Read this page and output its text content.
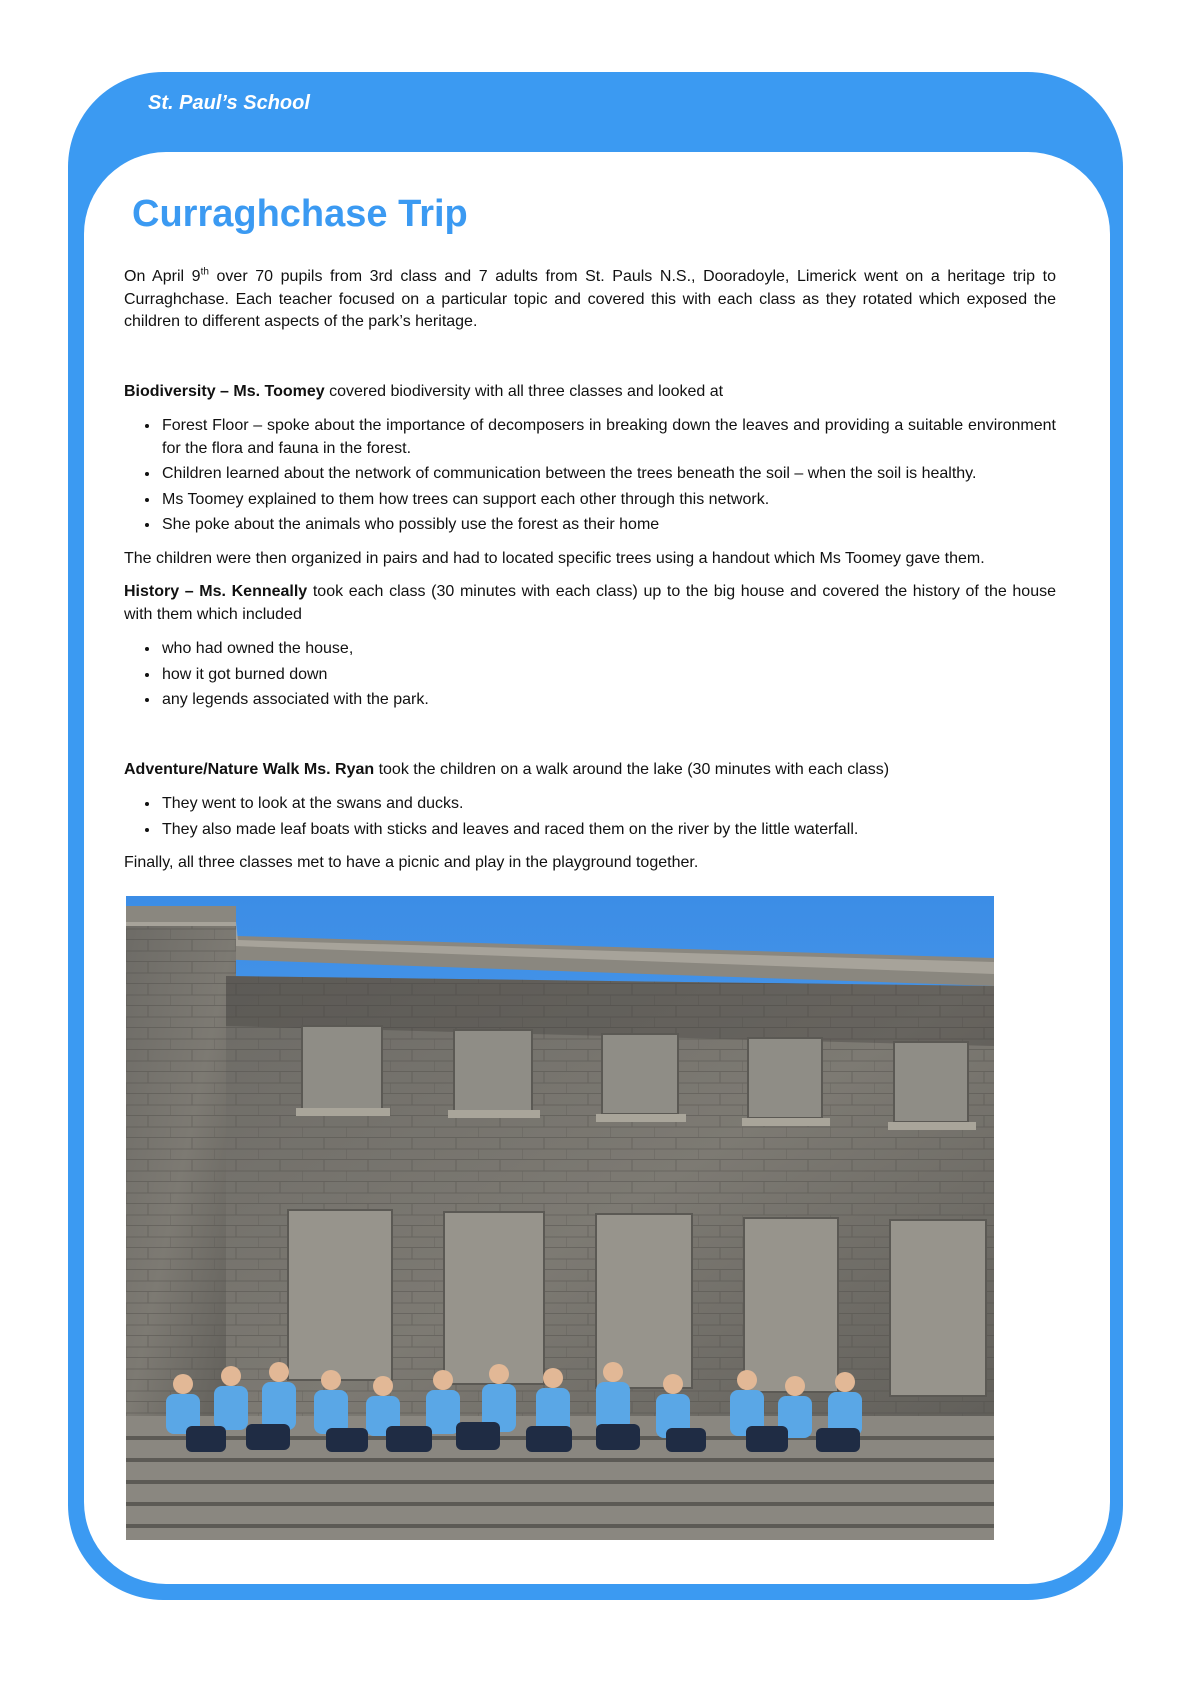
St. Paul’s School
Curraghchase Trip

On April 9th over 70 pupils from 3rd class and 7 adults from St. Pauls N.S., Dooradoyle, Limerick went on a heritage trip to Curraghchase. Each teacher focused on a particular topic and covered this with each class as they rotated which exposed the children to different aspects of the park’s heritage.

Biodiversity – Ms. Toomey covered biodiversity with all three classes and looked at

• Forest Floor – spoke about the importance of decomposers in breaking down the leaves and providing a suitable environment for the flora and fauna in the forest.
• Children learned about the network of communication between the trees beneath the soil – when the soil is healthy.
• Ms Toomey explained to them how trees can support each other through this network.
• She poke about the animals who possibly use the forest as their home

The children were then organized in pairs and had to located specific trees using a handout which Ms Toomey gave them.

History – Ms. Kenneally took each class (30 minutes with each class) up to the big house and covered the history of the house with them which included

• who had owned the house,
• how it got burned down
• any legends associated with the park.

Adventure/Nature Walk Ms. Ryan took the children on a walk around the lake (30 minutes with each class)

• They went to look at the swans and ducks.
• They also made leaf boats with sticks and leaves and raced them on the river by the little waterfall.

Finally, all three classes met to have a picnic and play in the playground together.
